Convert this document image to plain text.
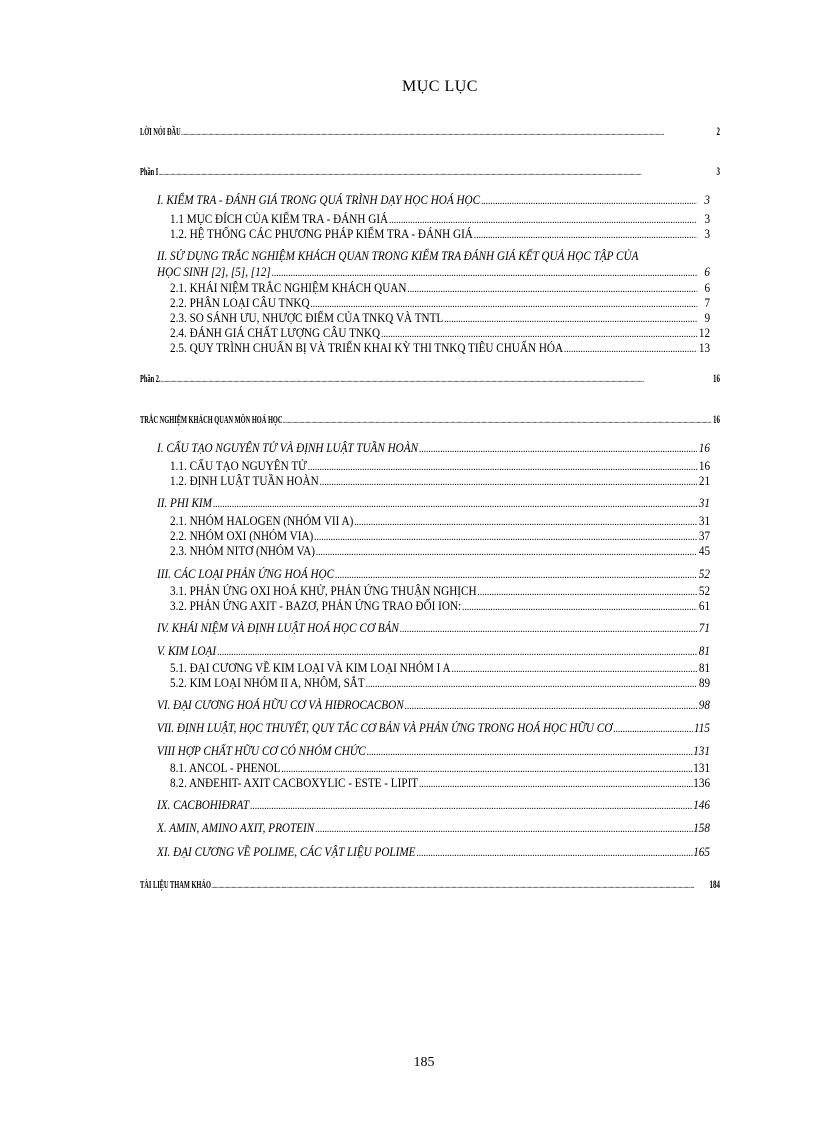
MỤC LỤC
LỜI NÓI ĐẦU .....	2
Phần I .....	3
I. KIỂM TRA - ĐÁNH GIÁ TRONG QUÁ TRÌNH DẠY HỌC HOÁ HỌC .....	3
1.1 MỤC ĐÍCH CỦA KIỂM TRA - ĐÁNH GIÁ .....	3
1.2. HỆ THỐNG CÁC PHƯƠNG PHÁP KIỂM TRA - ĐÁNH GIÁ .....	3
II. SỬ DỤNG TRẮC NGHIỆM KHÁCH QUAN TRONG KIỂM TRA ĐÁNH GIÁ KẾT QUẢ HỌC TẬP CỦA
HỌC SINH [2], [5], [12] .....	6
2.1. KHÁI NIỆM TRẮC NGHIỆM KHÁCH QUAN .....	6
2.2. PHÂN LOẠI CÂU TNKQ .....	7
2.3. SO SÁNH ƯU, NHƯỢC ĐIỂM CỦA TNKQ VÀ TNTL .....	9
2.4. ĐÁNH GIÁ CHẤT LƯỢNG CÂU TNKQ .....	12
2.5. QUY TRÌNH CHUẨN BỊ VÀ TRIỂN KHAI KỲ THI TNKQ TIÊU CHUẨN HÓA .....	13
Phần 2. .....	16
TRẮC NGHIỆM KHÁCH QUAN MÔN HOÁ HỌC .....	16
I. CẤU TẠO NGUYÊN TỬ VÀ ĐỊNH LUẬT TUẦN HOÀN .....	16
1.1. CẤU TẠO NGUYÊN TỬ .....	16
1.2. ĐỊNH LUẬT TUẦN HOÀN .....	21
II. PHI KIM .....	31
2.1. NHÓM HALOGEN (NHÓM VII A) .....	31
2.2. NHÓM OXI (NHÓM VIA) .....	37
2.3. NHÓM NITƠ (NHÓM VA) .....	45
III. CÁC LOẠI PHẢN ỨNG HOÁ HỌC .....	52
3.1. PHẢN ỨNG OXI HOÁ KHỬ, PHẢN ỨNG THUẬN NGHỊCH .....	52
3.2. PHẢN ỨNG AXIT - BAZƠ, PHẢN ỨNG TRAO ĐỔI ION: .....	61
IV. KHÁI NIỆM VÀ ĐỊNH LUẬT HOÁ HỌC CƠ BẢN .....	71
V. KIM LOẠI .....	81
5.1. ĐẠI CƯƠNG VỀ KIM LOẠI VÀ KIM LOẠI NHÓM I A .....	81
5.2. KIM LOẠI NHÓM II A, NHÔM, SẮT .....	89
VI. ĐẠI CƯƠNG HOÁ HỮU CƠ VÀ HIĐROCACBON .....	98
VII. ĐỊNH LUẬT, HỌC THUYẾT, QUY TẮC CƠ BẢN VÀ PHẢN ỨNG TRONG HOÁ HỌC HỮU CƠ .....	115
VIII HỢP CHẤT HỮU CƠ CÓ NHÓM CHỨC .....	131
8.1. ANCOL - PHENOL .....	131
8.2. ANĐEHIT- AXIT CACBOXYLIC - ESTE - LIPIT .....	136
IX. CACBOHIĐRAT .....	146
X. AMIN, AMINO AXIT, PROTEIN .....	158
XI. ĐẠI CƯƠNG VỀ POLIME, CÁC VẬT LIỆU POLIME .....	165
TÀI LIỆU THAM KHẢO .....	184
185
